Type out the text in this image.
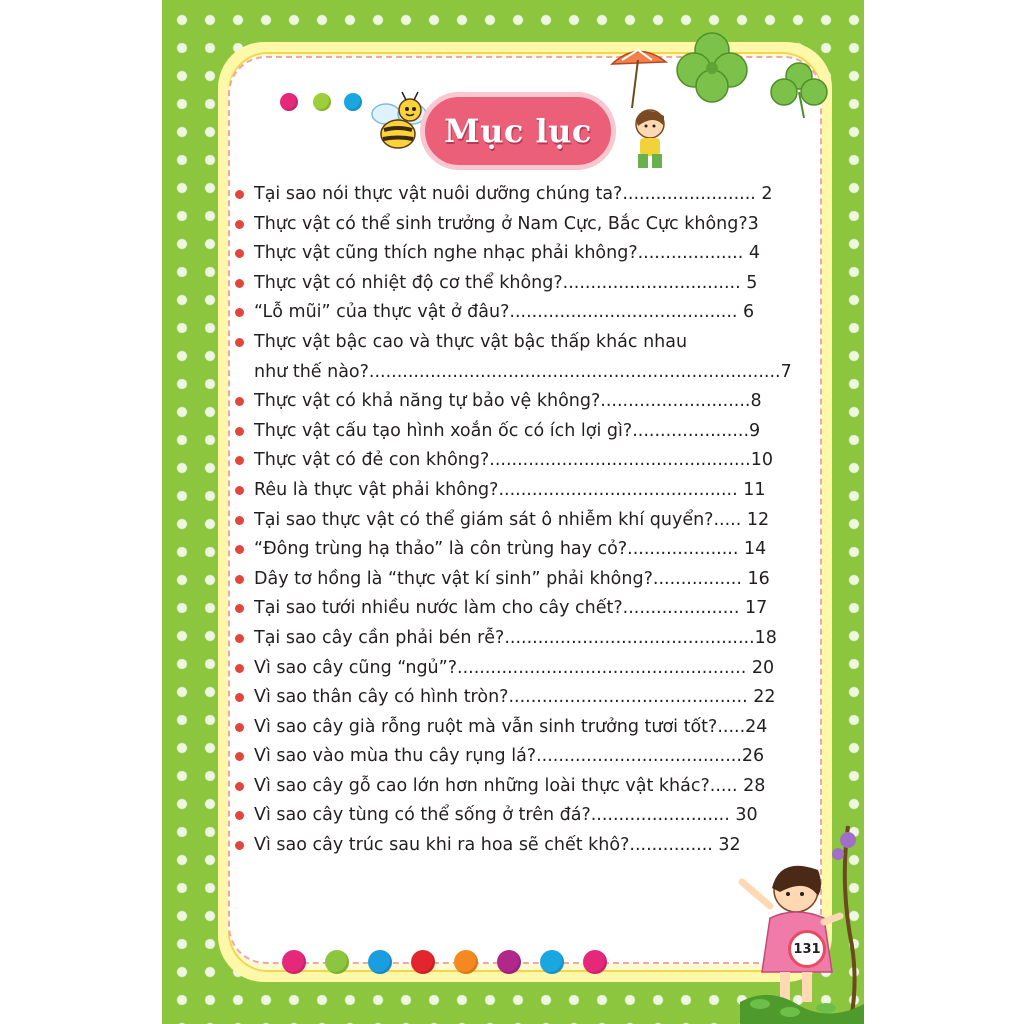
Mục lục
Tại sao nói thực vật nuôi dưỡng chúng ta?........................ 2
Thực vật có thể sinh trưởng ở Nam Cực, Bắc Cực không?3
Thực vật cũng thích nghe nhạc phải không?................... 4
Thực vật có nhiệt độ cơ thể không?................................ 5
“Lỗ mũi” của thực vật ở đâu?......................................... 6
Thực vật bậc cao và thực vật bậc thấp khác nhau
như thế nào?..........................................................................7
Thực vật có khả năng tự bảo vệ không?...........................8
Thực vật cấu tạo hình xoắn ốc có ích lợi gì?.....................9
Thực vật có đẻ con không?...............................................10
Rêu là thực vật phải không?........................................... 11
Tại sao thực vật có thể giám sát ô nhiễm khí quyển?..... 12
“Đông trùng hạ thảo” là côn trùng hay cỏ?.................... 14
Dây tơ hồng là “thực vật kí sinh” phải không?................ 16
Tại sao tưới nhiều nước làm cho cây chết?..................... 17
Tại sao cây cần phải bén rễ?.............................................18
Vì sao cây cũng “ngủ”?.................................................... 20
Vì sao thân cây có hình tròn?........................................... 22
Vì sao cây già rỗng ruột mà vẫn sinh trưởng tươi tốt?.....24
Vì sao vào mùa thu cây rụng lá?.....................................26
Vì sao cây gỗ cao lớn hơn những loài thực vật khác?..... 28
Vì sao cây tùng có thể sống ở trên đá?......................... 30
Vì sao cây trúc sau khi ra hoa sẽ chết khô?............... 32
131
